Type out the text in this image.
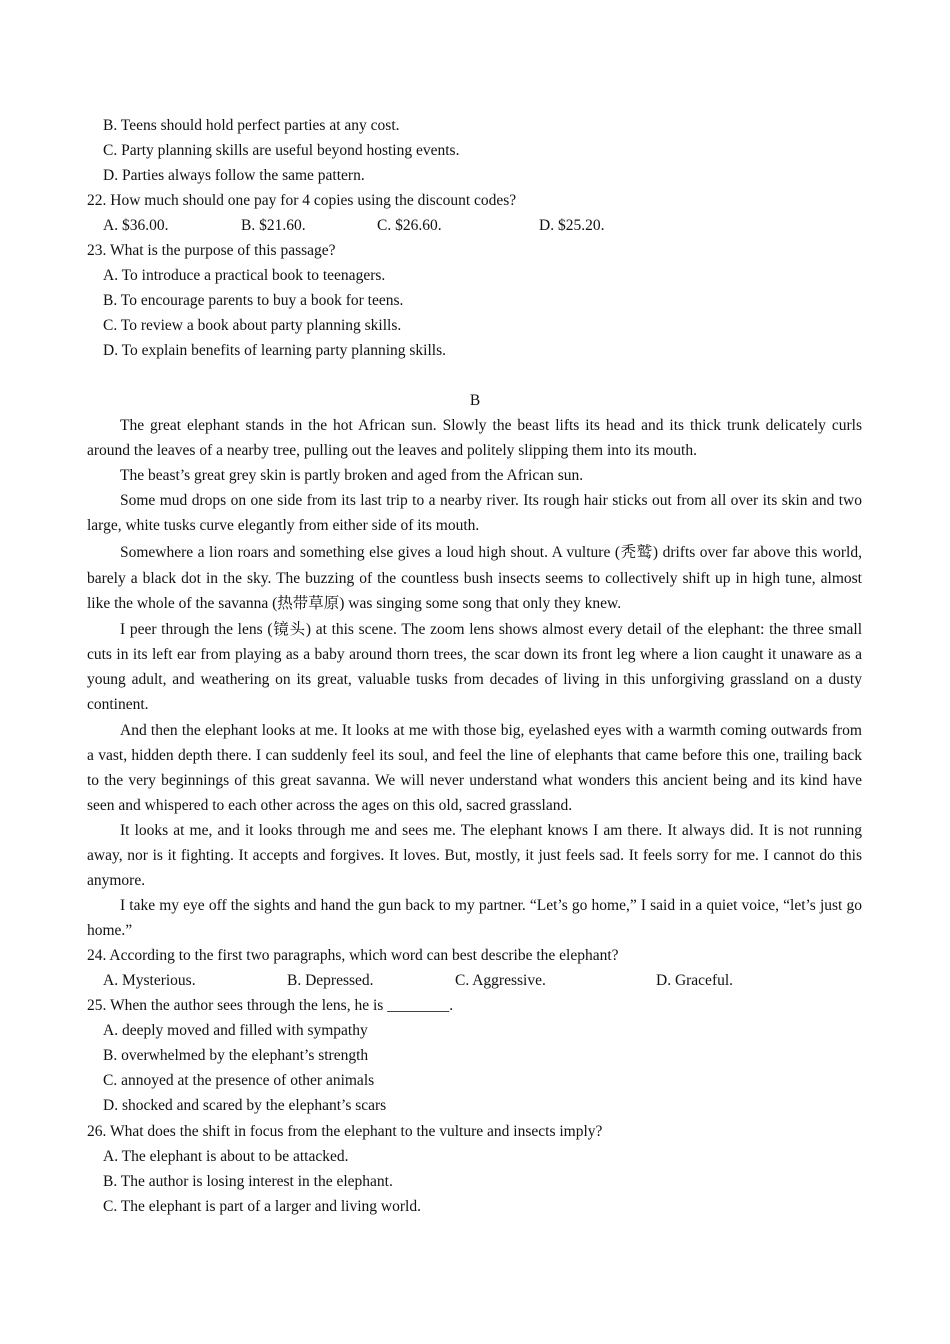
B. Teens should hold perfect parties at any cost.
C. Party planning skills are useful beyond hosting events.
D. Parties always follow the same pattern.
22. How much should one pay for 4 copies using the discount codes?
A. $36.00.	B. $21.60.	C. $26.60.	D. $25.20.
23. What is the purpose of this passage?
A. To introduce a practical book to teenagers.
B. To encourage parents to buy a book for teens.
C. To review a book about party planning skills.
D. To explain benefits of learning party planning skills.
B

The great elephant stands in the hot African sun. Slowly the beast lifts its head and its thick trunk delicately curls around the leaves of a nearby tree, pulling out the leaves and politely slipping them into its mouth.

The beast’s great grey skin is partly broken and aged from the African sun.

Some mud drops on one side from its last trip to a nearby river. Its rough hair sticks out from all over its skin and two large, white tusks curve elegantly from either side of its mouth.

Somewhere a lion roars and something else gives a loud high shout. A vulture (秃鹫) drifts over far above this world, barely a black dot in the sky. The buzzing of the countless bush insects seems to collectively shift up in high tune, almost like the whole of the savanna (热带草原) was singing some song that only they knew.

I peer through the lens (镜头) at this scene. The zoom lens shows almost every detail of the elephant: the three small cuts in its left ear from playing as a baby around thorn trees, the scar down its front leg where a lion caught it unaware as a young adult, and weathering on its great, valuable tusks from decades of living in this unforgiving grassland on a dusty continent.

And then the elephant looks at me. It looks at me with those big, eyelashed eyes with a warmth coming outwards from a vast, hidden depth there. I can suddenly feel its soul, and feel the line of elephants that came before this one, trailing back to the very beginnings of this great savanna. We will never understand what wonders this ancient being and its kind have seen and whispered to each other across the ages on this old, sacred grassland.

It looks at me, and it looks through me and sees me. The elephant knows I am there. It always did. It is not running away, nor is it fighting. It accepts and forgives. It loves. But, mostly, it just feels sad. It feels sorry for me. I cannot do this anymore.

I take my eye off the sights and hand the gun back to my partner. “Let’s go home,” I said in a quiet voice, “let’s just go home.”

24. According to the first two paragraphs, which word can best describe the elephant?
A. Mysterious.	B. Depressed.	C. Aggressive.	D. Graceful.
25. When the author sees through the lens, he is ________.
A. deeply moved and filled with sympathy
B. overwhelmed by the elephant’s strength
C. annoyed at the presence of other animals
D. shocked and scared by the elephant’s scars
26. What does the shift in focus from the elephant to the vulture and insects imply?
A. The elephant is about to be attacked.
B. The author is losing interest in the elephant.
C. The elephant is part of a larger and living world.
